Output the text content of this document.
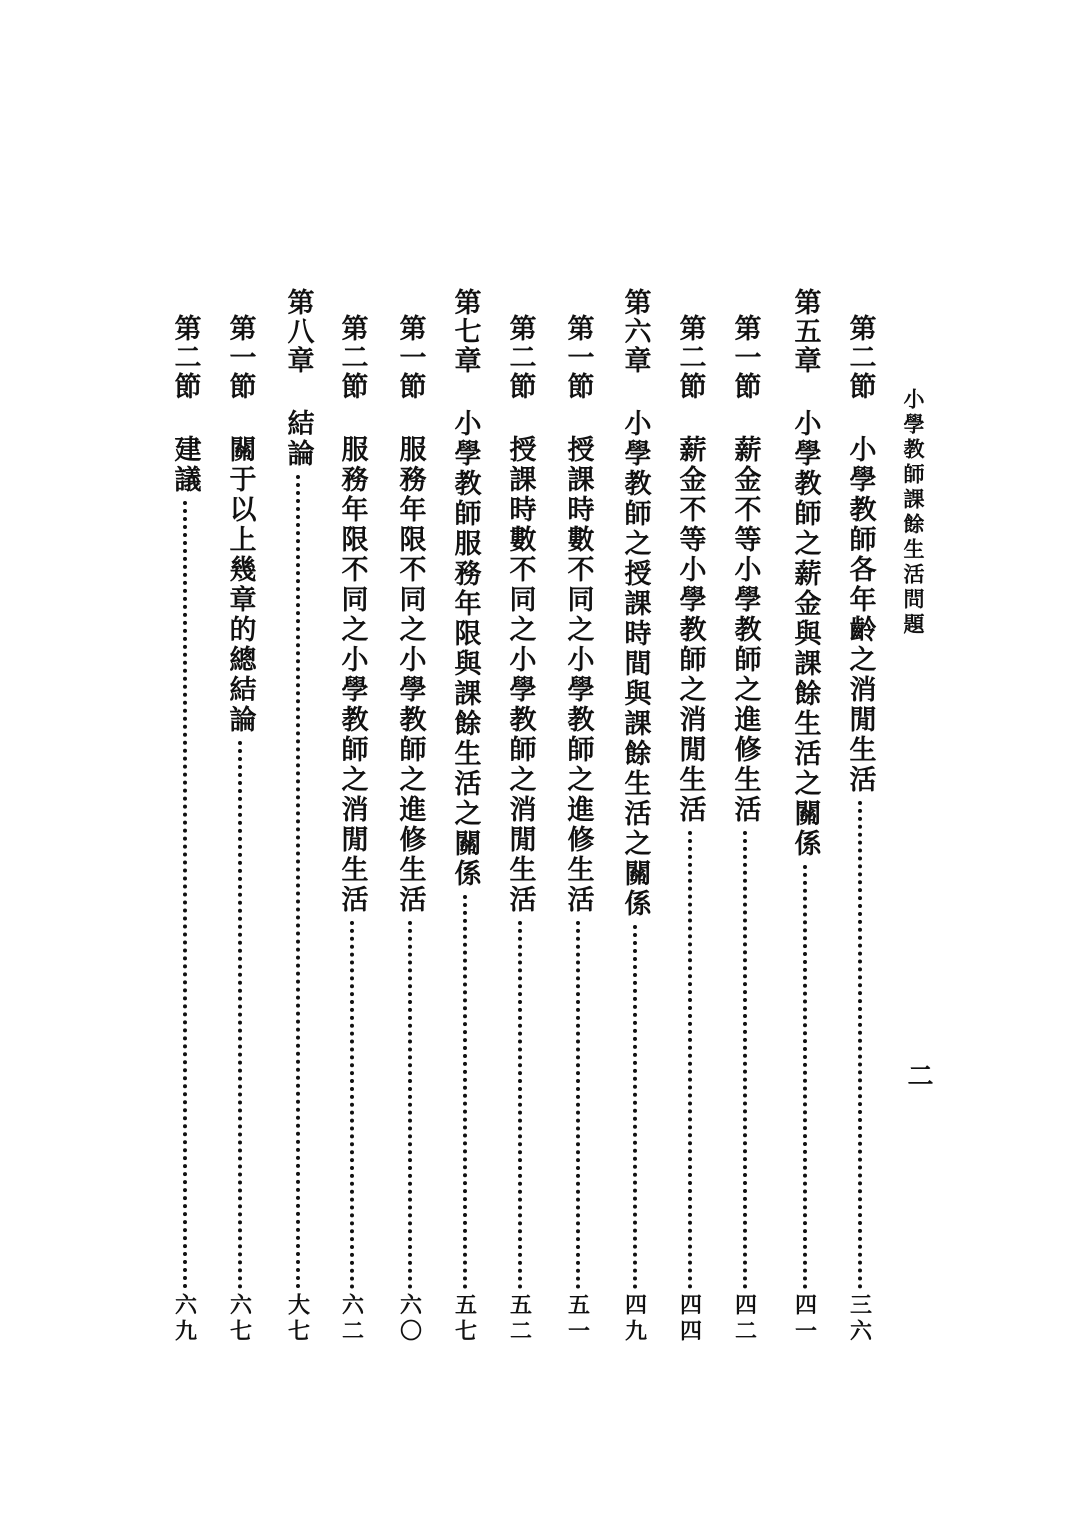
小學教師課餘生活問題
二
第二節
小學教師各年齡之消閒生活
三六
第五章
小學教師之薪金與課餘生活之關係
四一
第一節
薪金不等小學教師之進修生活
四二
第二節
薪金不等小學教師之消閒生活
四四
第六章
小學教師之授課時間與課餘生活之關係
四九
第一節
授課時數不同之小學教師之進修生活
五一
第二節
授課時數不同之小學教師之消閒生活
五二
第七章
小學教師服務年限與課餘生活之關係
五七
第一節
服務年限不同之小學教師之進修生活
六〇
第二節
服務年限不同之小學教師之消閒生活
六二
第八章
結論
大七
第一節
關于以上幾章的總結論
六七
第二節
建議
六九
